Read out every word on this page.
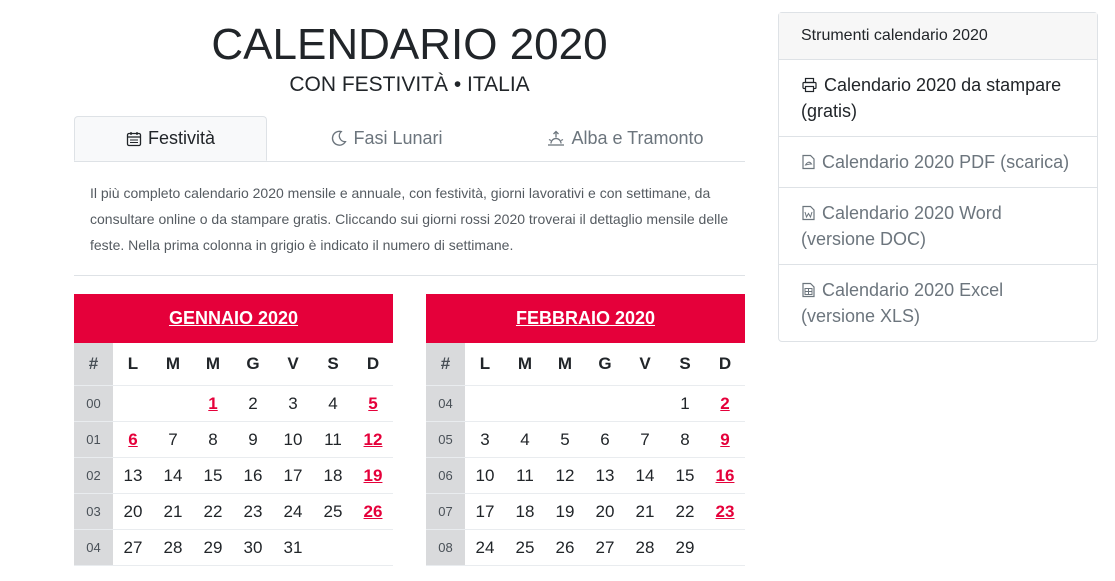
CALENDARIO 2020
CON FESTIVITÀ • ITALIA
Festività	Fasi Lunari	Alba e Tramonto
Il più completo calendario 2020 mensile e annuale, con festività, giorni lavorativi e con settimane, da consultare online o da stampare gratis. Cliccando sui giorni rossi 2020 troverai il dettaglio mensile delle feste. Nella prima colonna in grigio è indicato il numero di settimane.
GENNAIO 2020
#	L	M	M	G	V	S	D
00			1	2	3	4	5
01	6	7	8	9	10	11	12
02	13	14	15	16	17	18	19
03	20	21	22	23	24	25	26
04	27	28	29	30	31		
FEBBRAIO 2020
#	L	M	M	G	V	S	D
04						1	2
05	3	4	5	6	7	8	9
06	10	11	12	13	14	15	16
07	17	18	19	20	21	22	23
08	24	25	26	27	28	29	
Strumenti calendario 2020
Calendario 2020 da stampare (gratis)
Calendario 2020 PDF (scarica)
Calendario 2020 Word (versione DOC)
Calendario 2020 Excel (versione XLS)
